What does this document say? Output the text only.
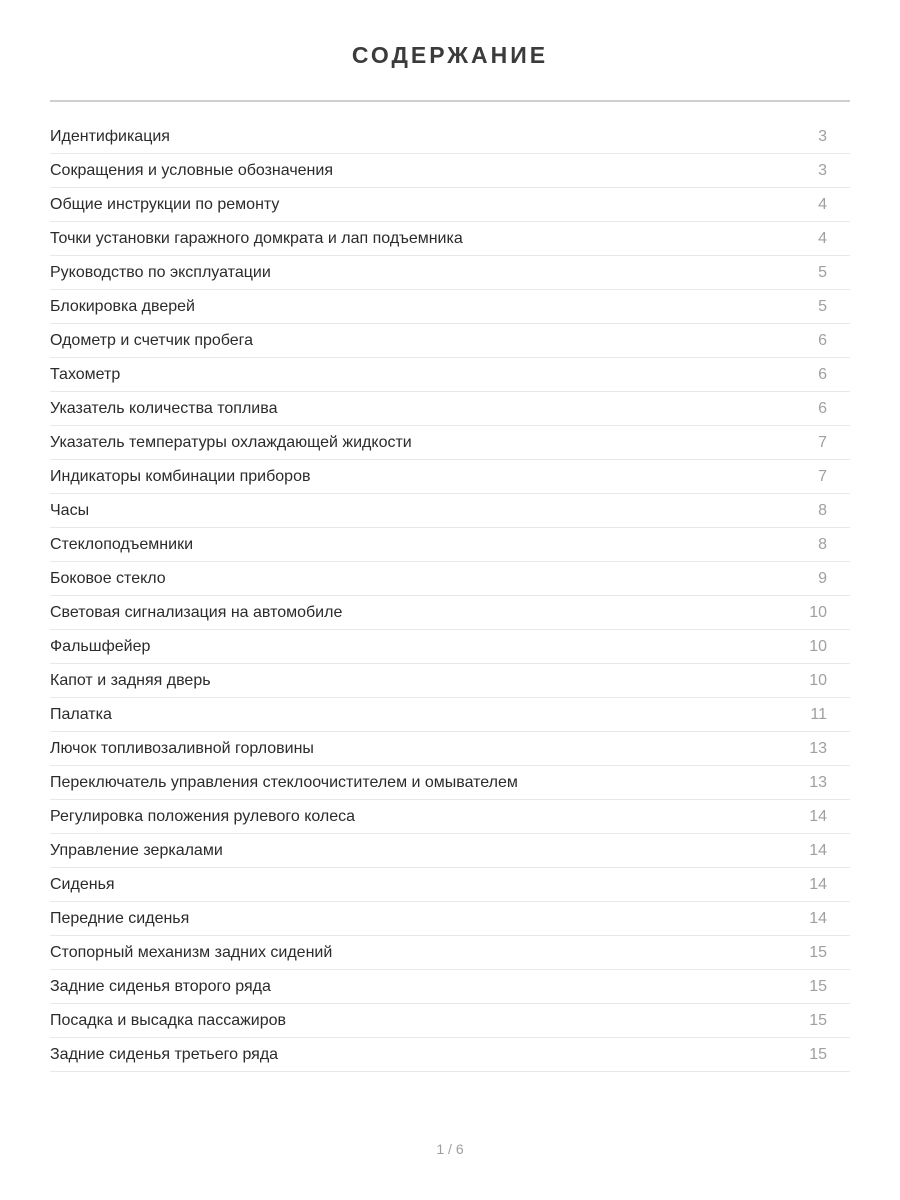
СОДЕРЖАНИЕ
Идентификация	3
Сокращения и условные обозначения	3
Общие инструкции по ремонту	4
Точки установки гаражного домкрата и лап подъемника	4
Руководство по эксплуатации	5
Блокировка дверей	5
Одометр и счетчик пробега	6
Тахометр	6
Указатель количества топлива	6
Указатель температуры охлаждающей жидкости	7
Индикаторы комбинации приборов	7
Часы	8
Стеклоподъемники	8
Боковое стекло	9
Световая сигнализация на автомобиле	10
Фальшфейер	10
Капот и задняя дверь	10
Палатка	11
Лючок топливозаливной горловины	13
Переключатель управления стеклоочистителем и омывателем	13
Регулировка положения рулевого колеса	14
Управление зеркалами	14
Сиденья	14
Передние сиденья	14
Стопорный механизм задних сидений	15
Задние сиденья второго ряда	15
Посадка и высадка пассажиров	15
Задние сиденья третьего ряда	15
1 / 6
